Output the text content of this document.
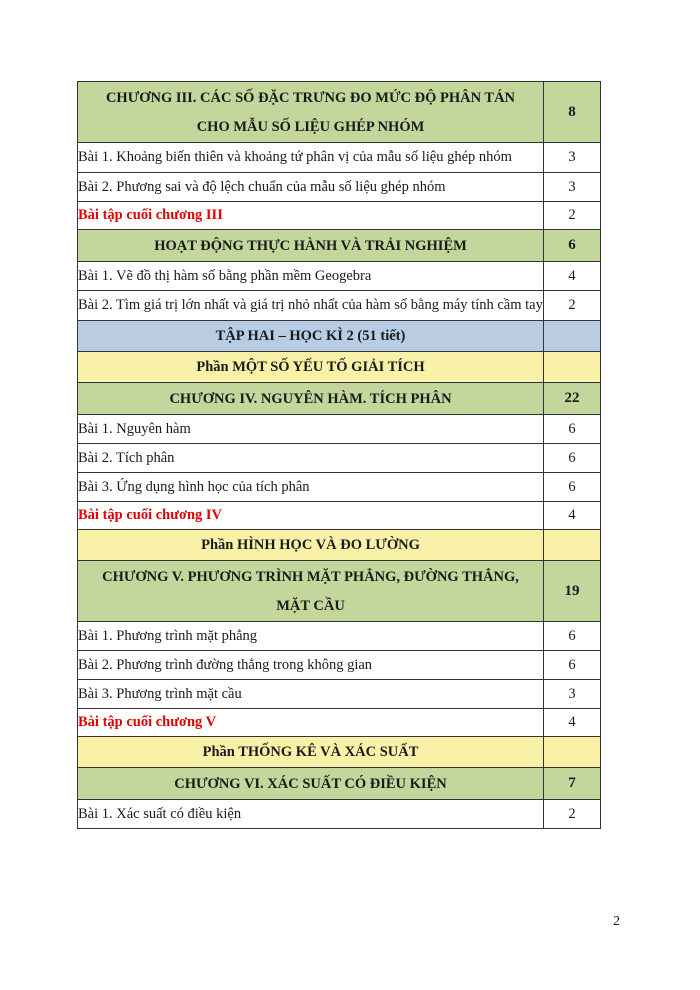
CHƯƠNG III. CÁC SỐ ĐẶC TRƯNG ĐO MỨC ĐỘ PHÂN TÁN CHO MẪU SỐ LIỆU GHÉP NHÓM	8
Bài 1. Khoảng biến thiên và khoảng tứ phân vị của mẫu số liệu ghép nhóm	3
Bài 2. Phương sai và độ lệch chuẩn của mẫu số liệu ghép nhóm	3
Bài tập cuối chương III	2
HOẠT ĐỘNG THỰC HÀNH VÀ TRẢI NGHIỆM	6
Bài 1. Vẽ đồ thị hàm số bằng phần mềm Geogebra	4
Bài 2. Tìm giá trị lớn nhất và giá trị nhỏ nhất của hàm số bằng máy tính cầm tay	2
TẬP HAI – HỌC KÌ 2 (51 tiết)	
Phần MỘT SỐ YẾU TỐ GIẢI TÍCH	
CHƯƠNG IV. NGUYÊN HÀM. TÍCH PHÂN	22
Bài 1. Nguyên hàm	6
Bài 2. Tích phân	6
Bài 3. Ứng dụng hình học của tích phân	6
Bài tập cuối chương IV	4
Phần HÌNH HỌC VÀ ĐO LƯỜNG	
CHƯƠNG V. PHƯƠNG TRÌNH MẶT PHẲNG, ĐƯỜNG THẲNG, MẶT CẦU	19
Bài 1. Phương trình mặt phẳng	6
Bài 2. Phương trình đường thẳng trong không gian	6
Bài 3. Phương trình mặt cầu	3
Bài tập cuối chương V	4
Phần THỐNG KÊ VÀ XÁC SUẤT	
CHƯƠNG VI. XÁC SUẤT CÓ ĐIỀU KIỆN	7
Bài 1. Xác suất có điều kiện	2
2
